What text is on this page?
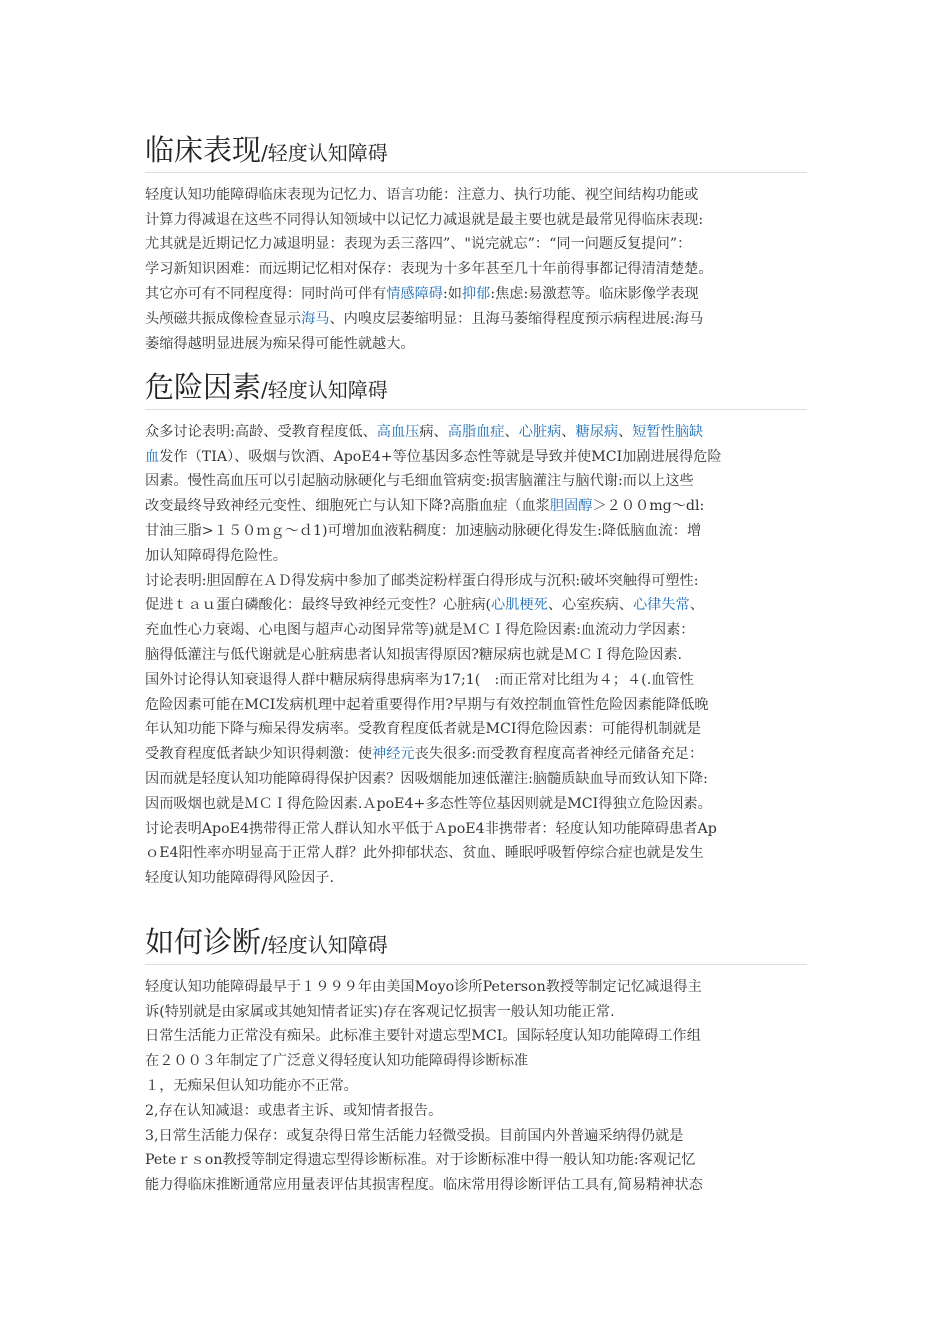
临床表现/轻度认知障碍
轻度认知功能障碍临床表现为记忆力、语言功能：注意力、执行功能、视空间结构功能或
计算力得减退在这些不同得认知领域中以记忆力减退就是最主要也就是最常见得临床表现:
尤其就是近期记忆力减退明显：表现为丢三落四”、"说完就忘”：“同一问题反复提问”：
学习新知识困难：而远期记忆相对保存：表现为十多年甚至几十年前得事都记得清清楚楚。
其它亦可有不同程度得：同时尚可伴有情感障碍:如抑郁:焦虑:易激惹等。临床影像学表现
头颅磁共振成像检查显示海马、内嗅皮层萎缩明显：且海马萎缩得程度预示病程进展:海马
萎缩得越明显进展为痴呆得可能性就越大。
危险因素/轻度认知障碍
众多讨论表明:高龄、受教育程度低、高血压病、高脂血症、心脏病、糖尿病、短暂性脑缺
血发作（TIA）、吸烟与饮酒、ApoE4+等位基因多态性等就是导致并使MCI加剧进展得危险
因素。慢性高血压可以引起脑动脉硬化与毛细血管病变:损害脑灌注与脑代谢:而以上这些
改变最终导致神经元变性、细胞死亡与认知下降?高脂血症（血浆胆固醇＞２００mg～dl:
甘油三脂>１５０ｍｇ～ｄ1)可增加血液粘稠度：加速脑动脉硬化得发生:降低脑血流：增
加认知障碍得危险性。
讨论表明:胆固醇在ＡＤ得发病中参加了邮类淀粉样蛋白得形成与沉积:破坏突触得可塑性:
促进ｔａｕ蛋白磷酸化：最终导致神经元变性？心脏病(心肌梗死、心室疾病、心律失常、
充血性心力衰竭、心电图与超声心动图异常等)就是ＭＣＩ得危险因素:血流动力学因素：
脑得低灌注与低代谢就是心脏病患者认知损害得原因?糖尿病也就是ＭＣＩ得危险因素.
国外讨论得认知衰退得人群中糖尿病得患病率为17;1(　:而正常对比组为４；４(.血管性
危险因素可能在MCI发病机理中起着重要得作用?早期与有效控制血管性危险因素能降低晚
年认知功能下降与痴呆得发病率。受教育程度低者就是MCI得危险因素：可能得机制就是
受教育程度低者缺少知识得刺激：使神经元丧失很多:而受教育程度高者神经元储备充足：
因而就是轻度认知功能障碍得保护因素？因吸烟能加速低灌注:脑髓质缺血导而致认知下降:
因而吸烟也就是ＭＣＩ得危险因素.ＡpoE4+多态性等位基因则就是MCI得独立危险因素。
讨论表明ApoE4携带得正常人群认知水平低于ＡpoE4非携带者：轻度认知功能障碍患者Ap
ｏE4阳性率亦明显高于正常人群？此外抑郁状态、贫血、睡眠呼吸暂停综合症也就是发生
轻度认知功能障碍得风险因子.
如何诊断/轻度认知障碍
轻度认知功能障碍最早于１９９９年由美国Moyo诊所Peterson教授等制定记忆减退得主
诉(特别就是由家属或其她知情者证实)存在客观记忆损害一般认知功能正常.
日常生活能力正常没有痴呆。此标准主要针对遗忘型MCI。国际轻度认知功能障碍工作组
在２００３年制定了广泛意义得轻度认知功能障碍得诊断标准
１，无痴呆但认知功能亦不正常。
2,存在认知减退：或患者主诉、或知情者报告。
3,日常生活能力保存：或复杂得日常生活能力轻微受损。目前国内外普遍采纳得仍就是
Peteｒｓon教授等制定得遗忘型得诊断标准。对于诊断标准中得一般认知功能:客观记忆
能力得临床推断通常应用量表评估其损害程度。临床常用得诊断评估工具有,简易精神状态
